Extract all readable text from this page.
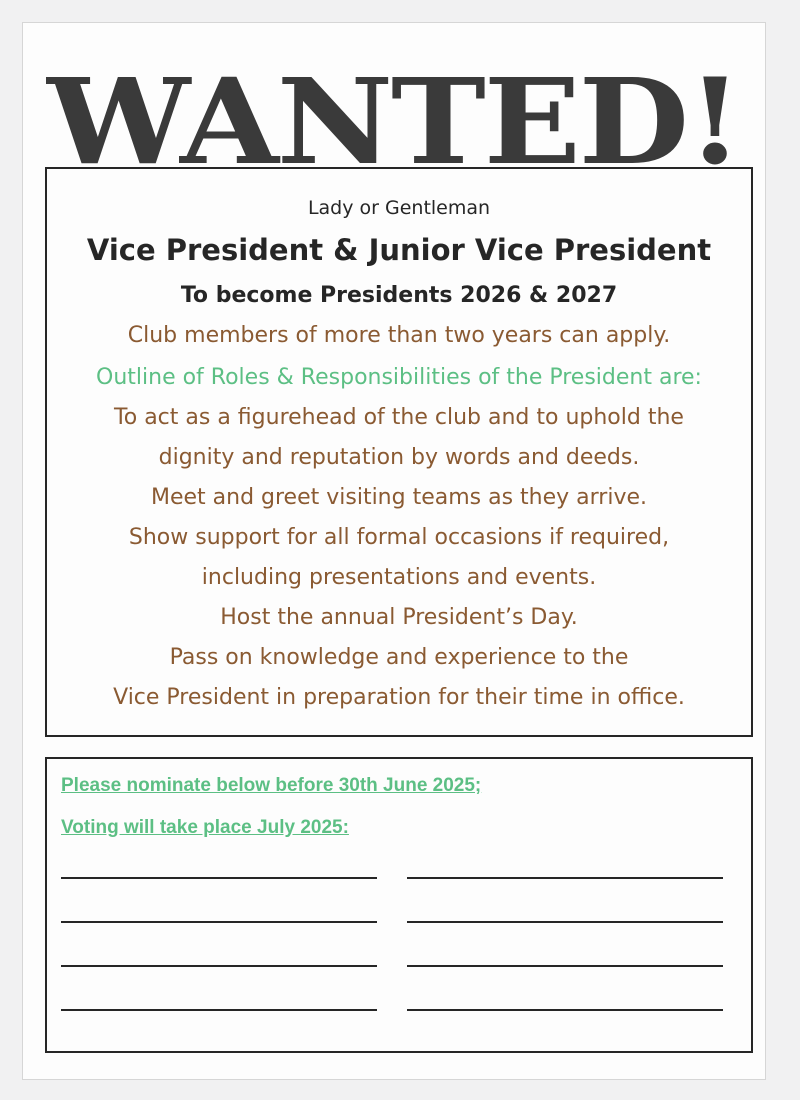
WANTED!
Lady or Gentleman
Vice President & Junior Vice President
To become Presidents 2026 & 2027
Club members of more than two years can apply.
Outline of Roles & Responsibilities of the President are:
To act as a figurehead of the club and to uphold the
dignity and reputation by words and deeds.
Meet and greet visiting teams as they arrive.
Show support for all formal occasions if required,
including presentations and events.
Host the annual President’s Day.
Pass on knowledge and experience to the
Vice President in preparation for their time in office.
Please nominate below before 30th June 2025;
Voting will take place July 2025:
